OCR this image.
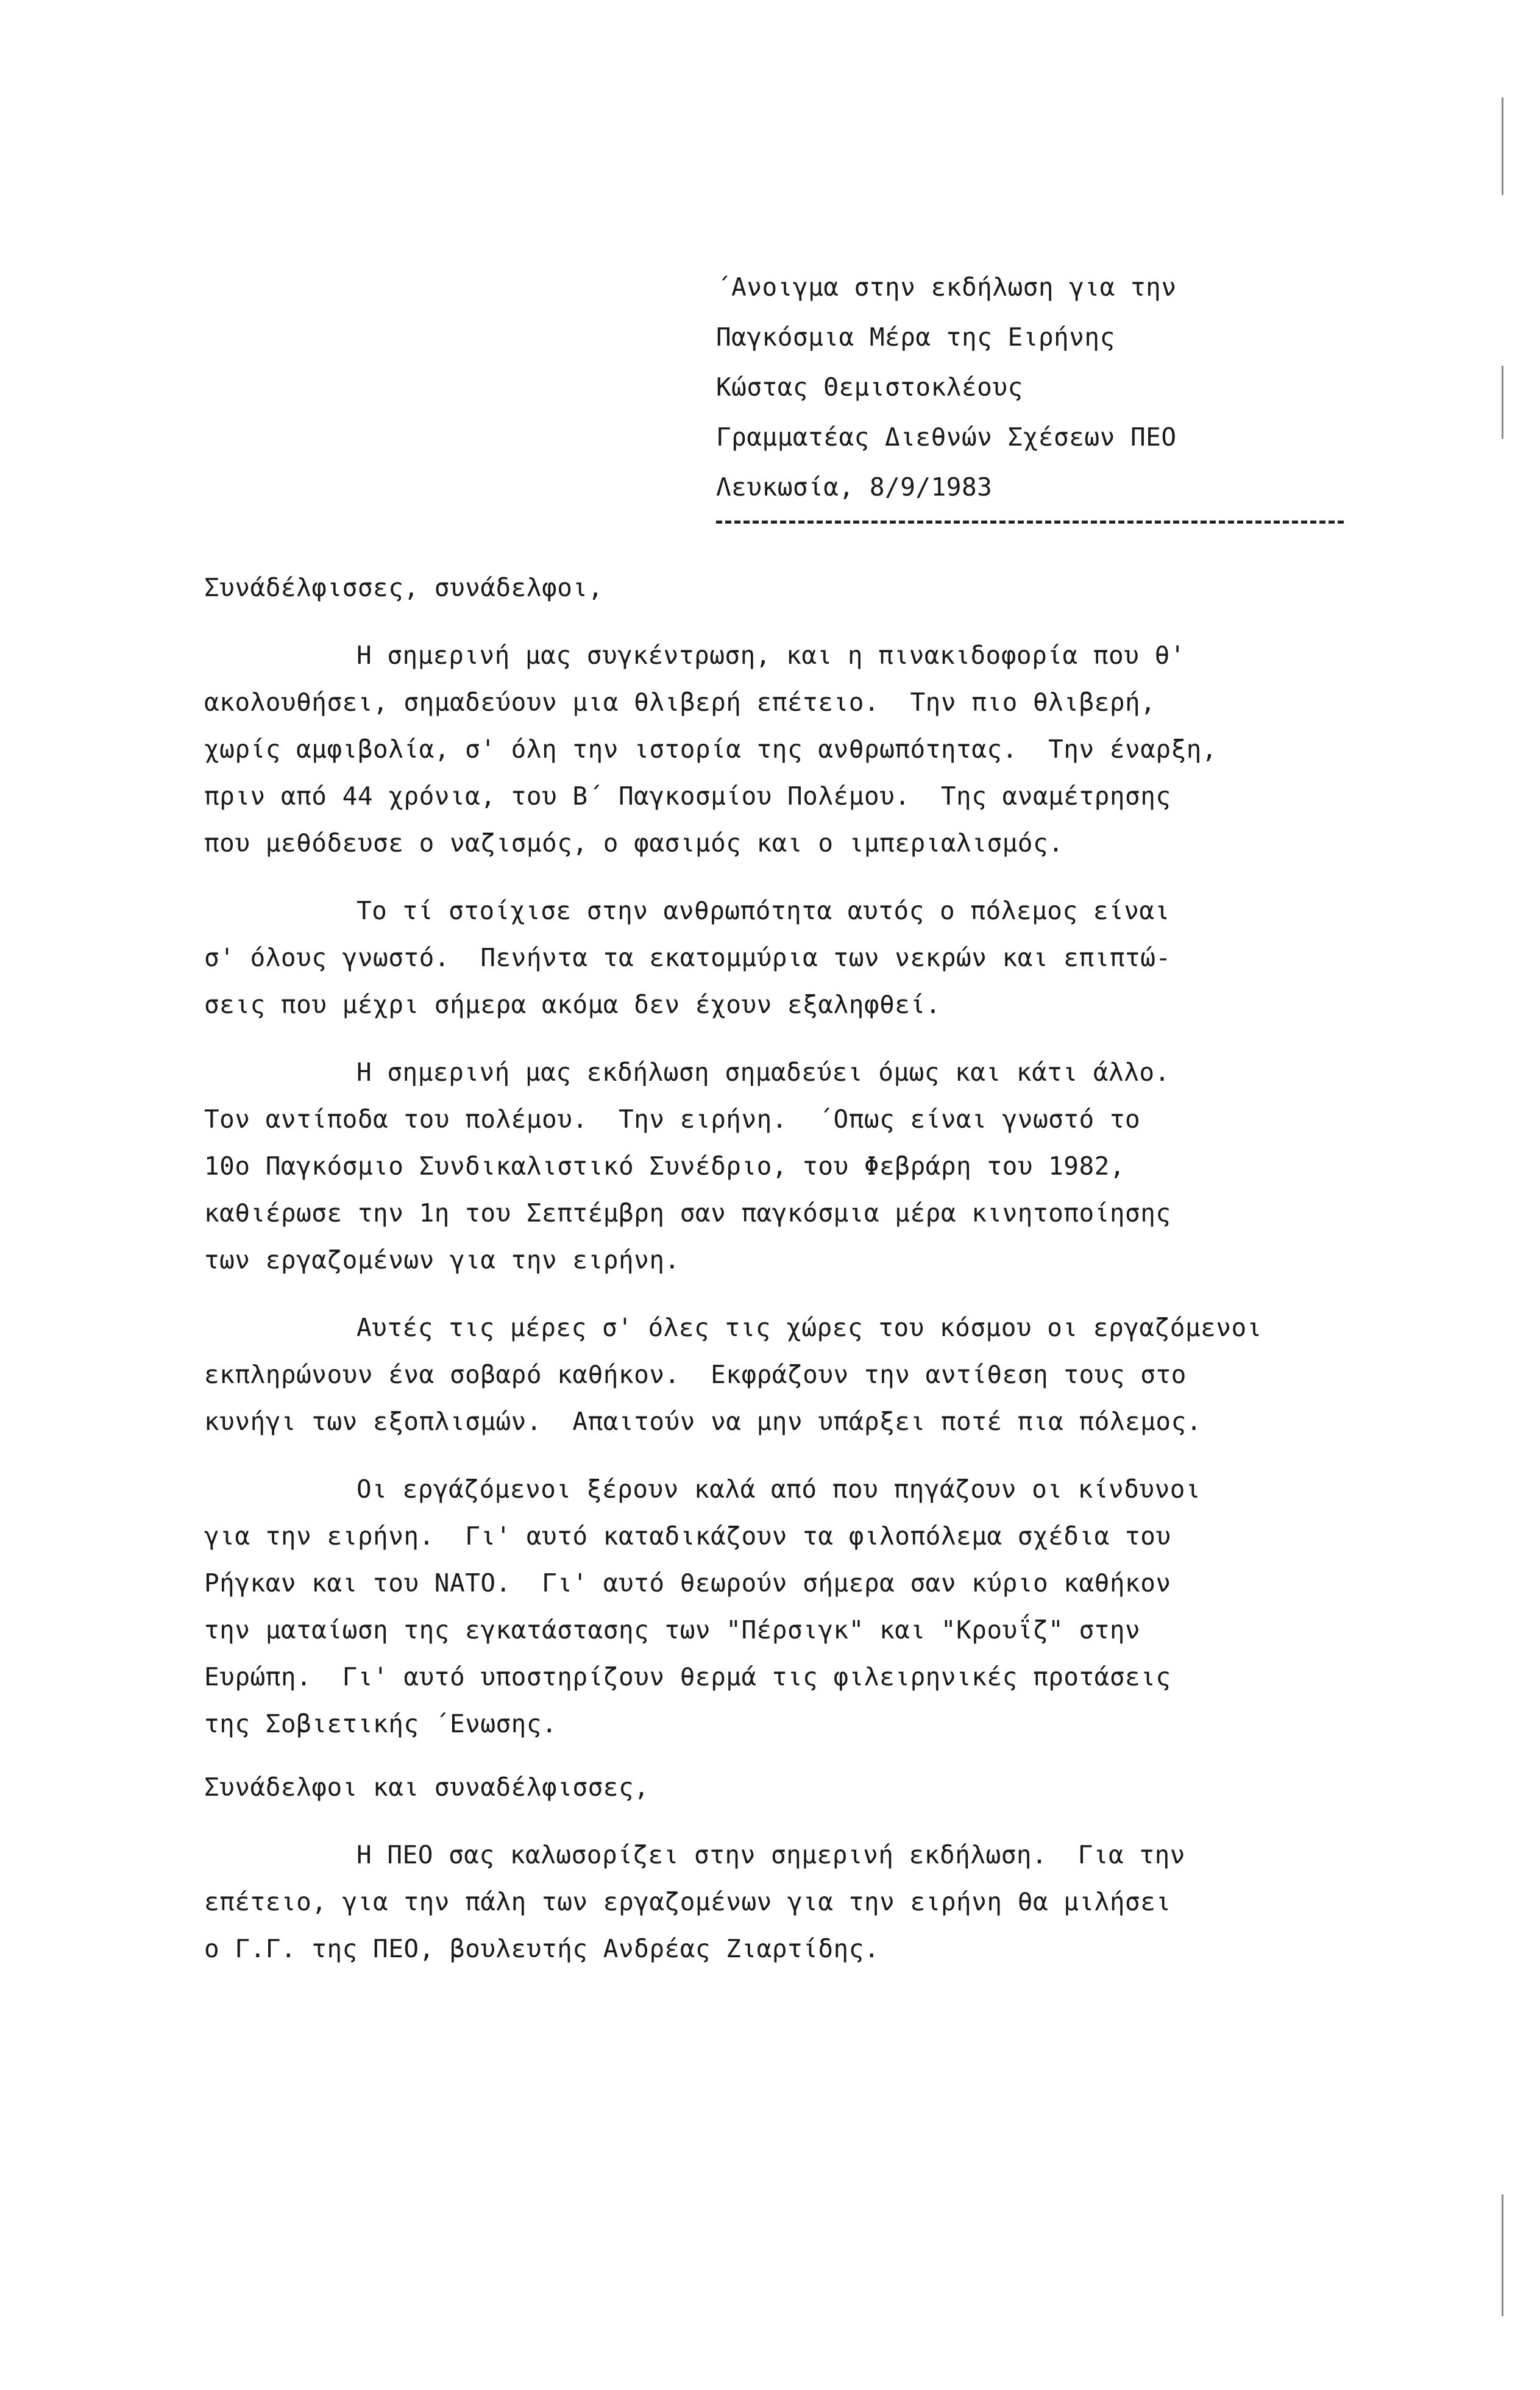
΄Ανοιγμα στην εκδήλωση για την
Παγκόσμια Μέρα της Ειρήνης
Κώστας Θεμιστοκλέους
Γραμματέας Διεθνών Σχέσεων ΠΕΟ
Λευκωσία, 8/9/1983
Συνάδέλφισσες, συνάδελφοι,
Η σημερινή μας συγκέντρωση, και η πινακιδοφορία που θ'
ακολουθήσει, σημαδεύουν μια θλιβερή επέτειο.  Την πιο θλιβερή,
χωρίς αμφιβολία, σ' όλη την ιστορία της ανθρωπότητας.  Την έναρξη,
πριν από 44 χρόνια, του Β΄ Παγκοσμίου Πολέμου.  Της αναμέτρησης
που μεθόδευσε ο ναζισμός, ο φασιμός και ο ιμπεριαλισμός.
Το τί στοίχισε στην ανθρωπότητα αυτός ο πόλεμος είναι
σ' όλους γνωστό.  Πενήντα τα εκατομμύρια των νεκρών και επιπτώ-
σεις που μέχρι σήμερα ακόμα δεν έχουν εξαληφθεί.
Η σημερινή μας εκδήλωση σημαδεύει όμως και κάτι άλλο.
Τον αντίποδα του πολέμου.  Την ειρήνη.  ΄Οπως είναι γνωστό το
10ο Παγκόσμιο Συνδικαλιστικό Συνέδριο, του Φεβράρη του 1982,
καθιέρωσε την 1η του Σεπτέμβρη σαν παγκόσμια μέρα κινητοποίησης
των εργαζομένων για την ειρήνη.
Αυτές τις μέρες σ' όλες τις χώρες του κόσμου οι εργαζόμενοι
εκπληρώνουν ένα σοβαρό καθήκον.  Εκφράζουν την αντίθεση τους στο
κυνήγι των εξοπλισμών.  Απαιτούν να μην υπάρξει ποτέ πια πόλεμος.
Οι εργάζόμενοι ξέρουν καλά από που πηγάζουν οι κίνδυνοι
για την ειρήνη.  Γι' αυτό καταδικάζουν τα φιλοπόλεμα σχέδια του
Ρήγκαν και του ΝΑΤΟ.  Γι' αυτό θεωρούν σήμερα σαν κύριο καθήκον
την ματαίωση της εγκατάστασης των "Πέρσιγκ" και "Κρουΐζ" στην
Ευρώπη.  Γι' αυτό υποστηρίζουν θερμά τις φιλειρηνικές προτάσεις
της Σοβιετικής ΄Ενωσης.
Συνάδελφοι και συναδέλφισσες,
Η ΠΕΟ σας καλωσορίζει στην σημερινή εκδήλωση.  Για την
επέτειο, για την πάλη των εργαζομένων για την ειρήνη θα μιλήσει
ο Γ.Γ. της ΠΕΟ, βουλευτής Ανδρέας Ζιαρτίδης.
